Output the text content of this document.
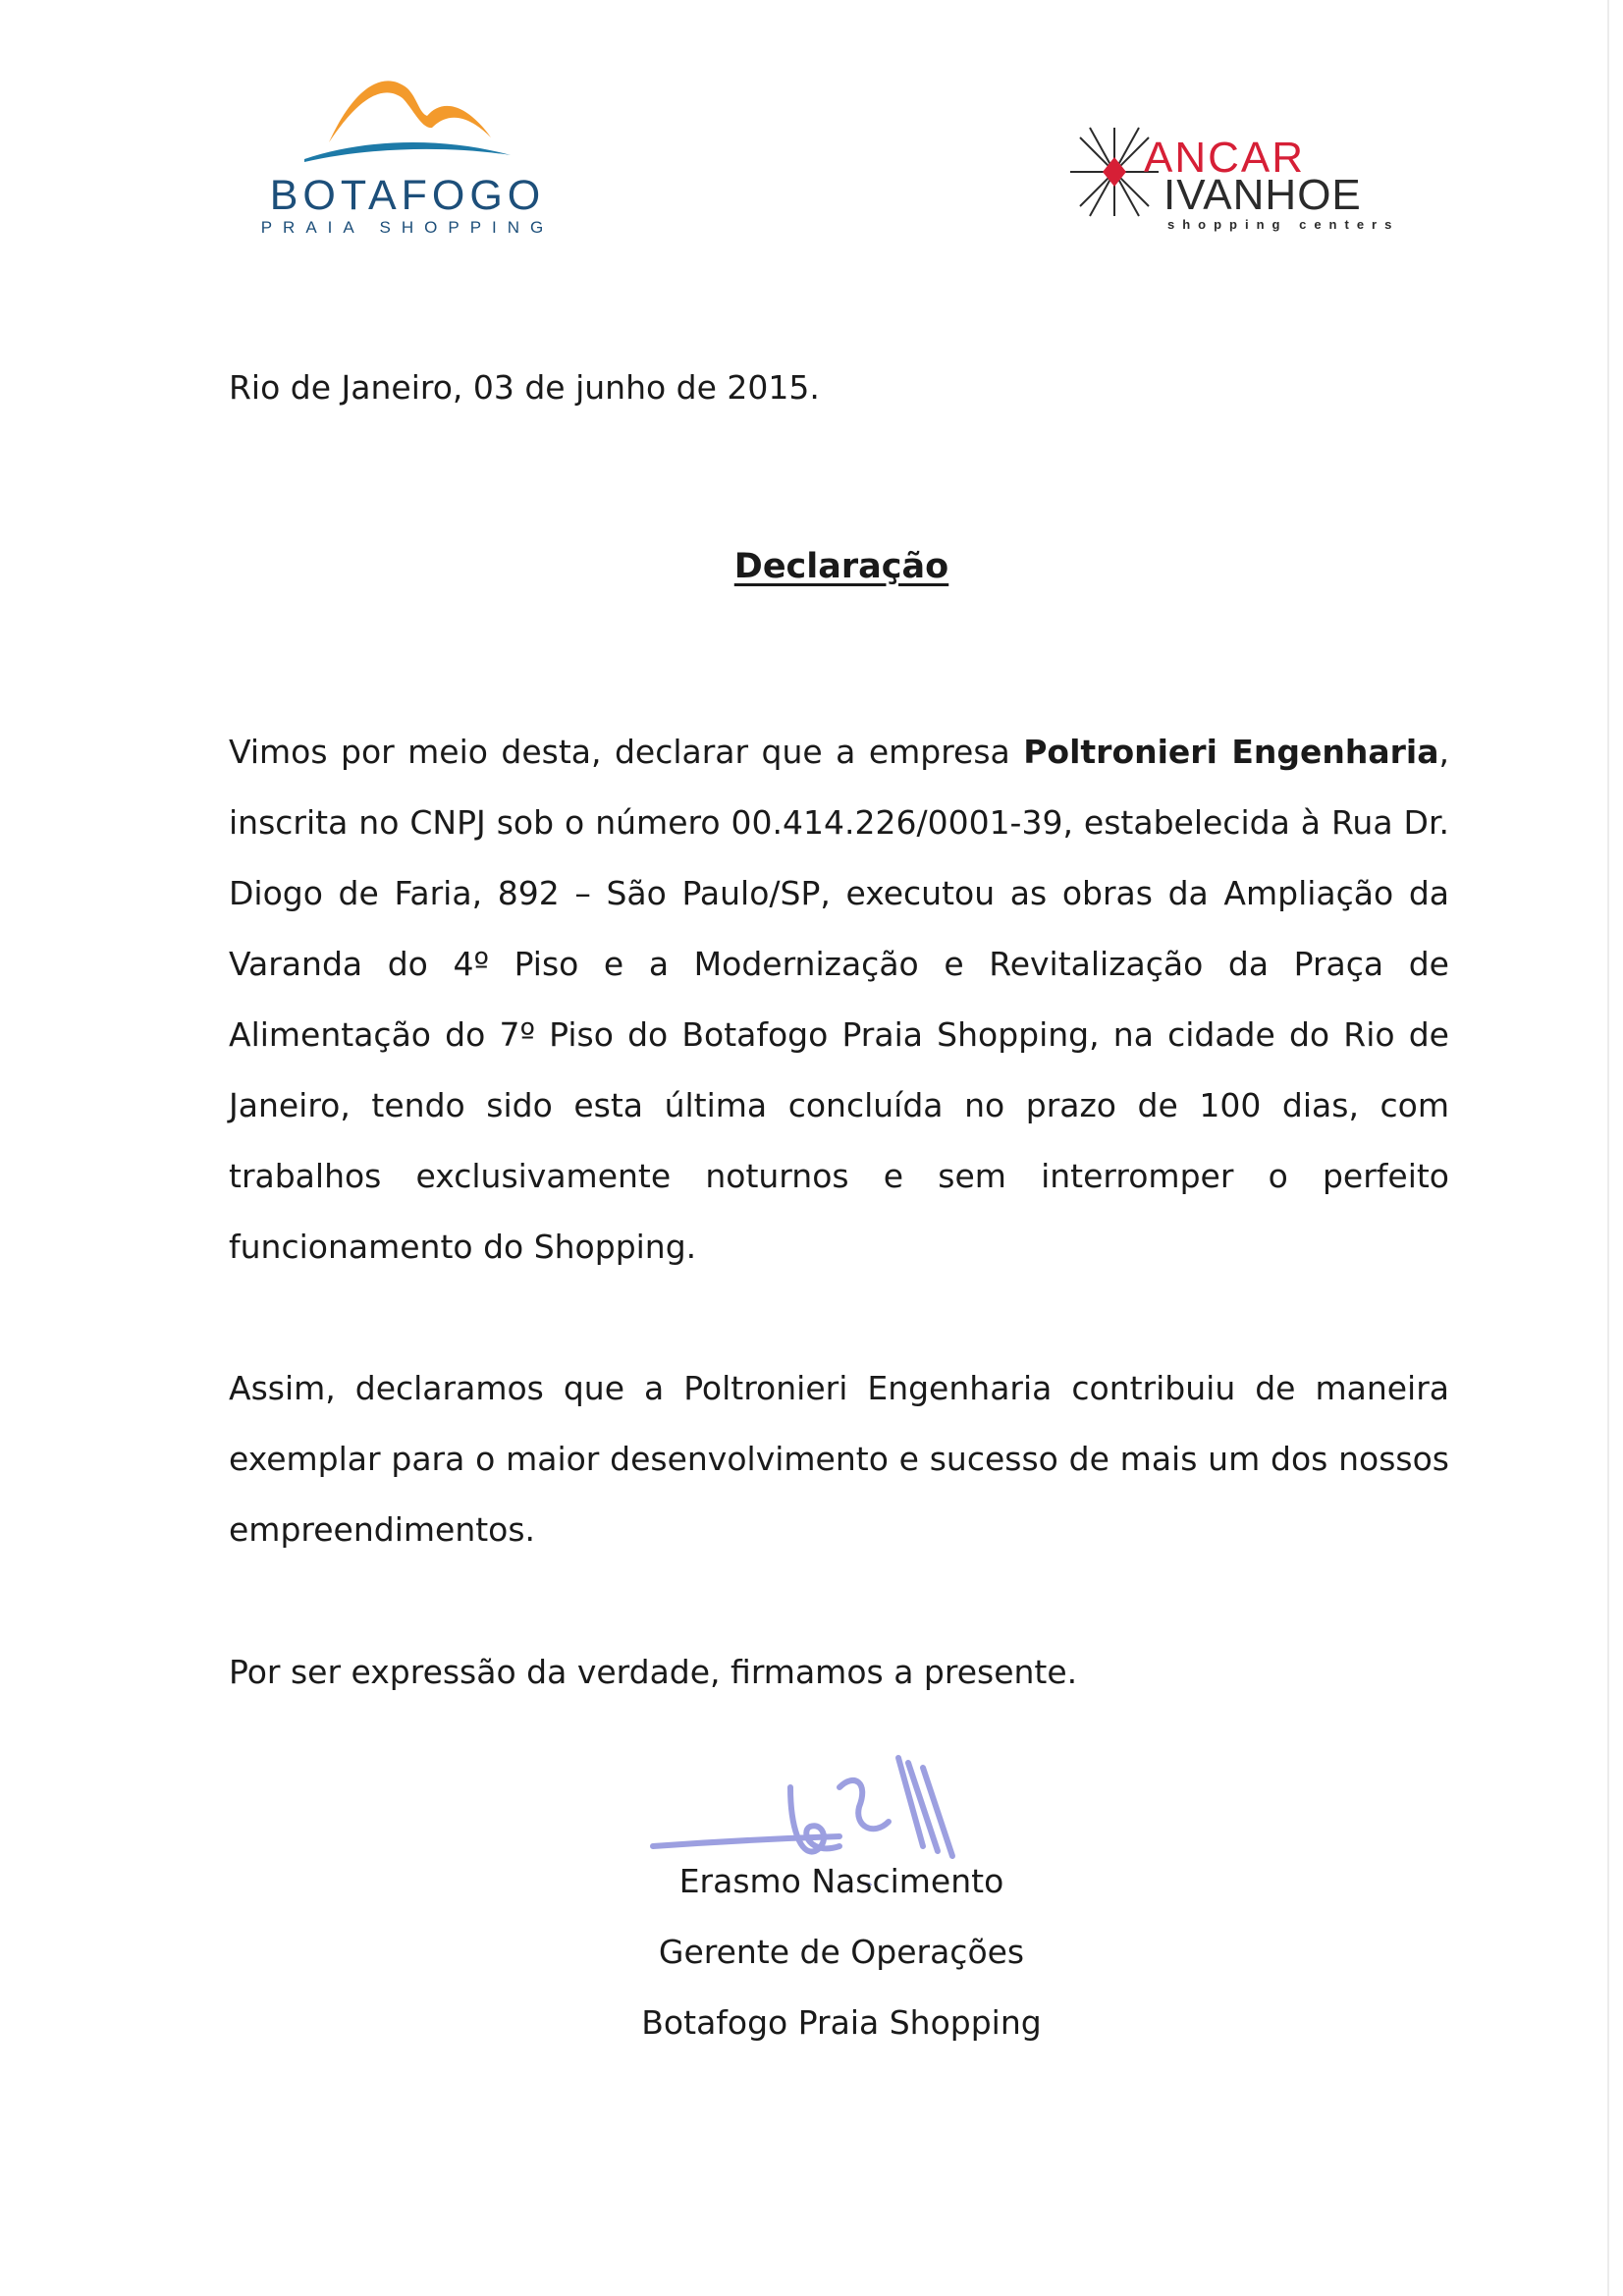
BOTAFOGO
PRAIA SHOPPING
ANCAR
IVANHOE
shopping centers
Rio de Janeiro, 03 de junho de 2015.
Declaração
Vimos por meio desta, declarar que a empresa Poltronieri Engenharia, inscrita no CNPJ sob o número 00.414.226/0001-39, estabelecida à Rua Dr. Diogo de Faria, 892 – São Paulo/SP, executou as obras da Ampliação da Varanda do 4º Piso e a Modernização e Revitalização da Praça de Alimentação do 7º Piso do Botafogo Praia Shopping, na cidade do Rio de Janeiro, tendo sido esta última concluída no prazo de 100 dias, com trabalhos exclusivamente noturnos e sem interromper o perfeito funcionamento do Shopping.
Assim, declaramos que a Poltronieri Engenharia contribuiu de maneira exemplar para o maior desenvolvimento e sucesso de mais um dos nossos empreendimentos.
Por ser expressão da verdade, firmamos a presente.
Erasmo Nascimento
Gerente de Operações
Botafogo Praia Shopping
